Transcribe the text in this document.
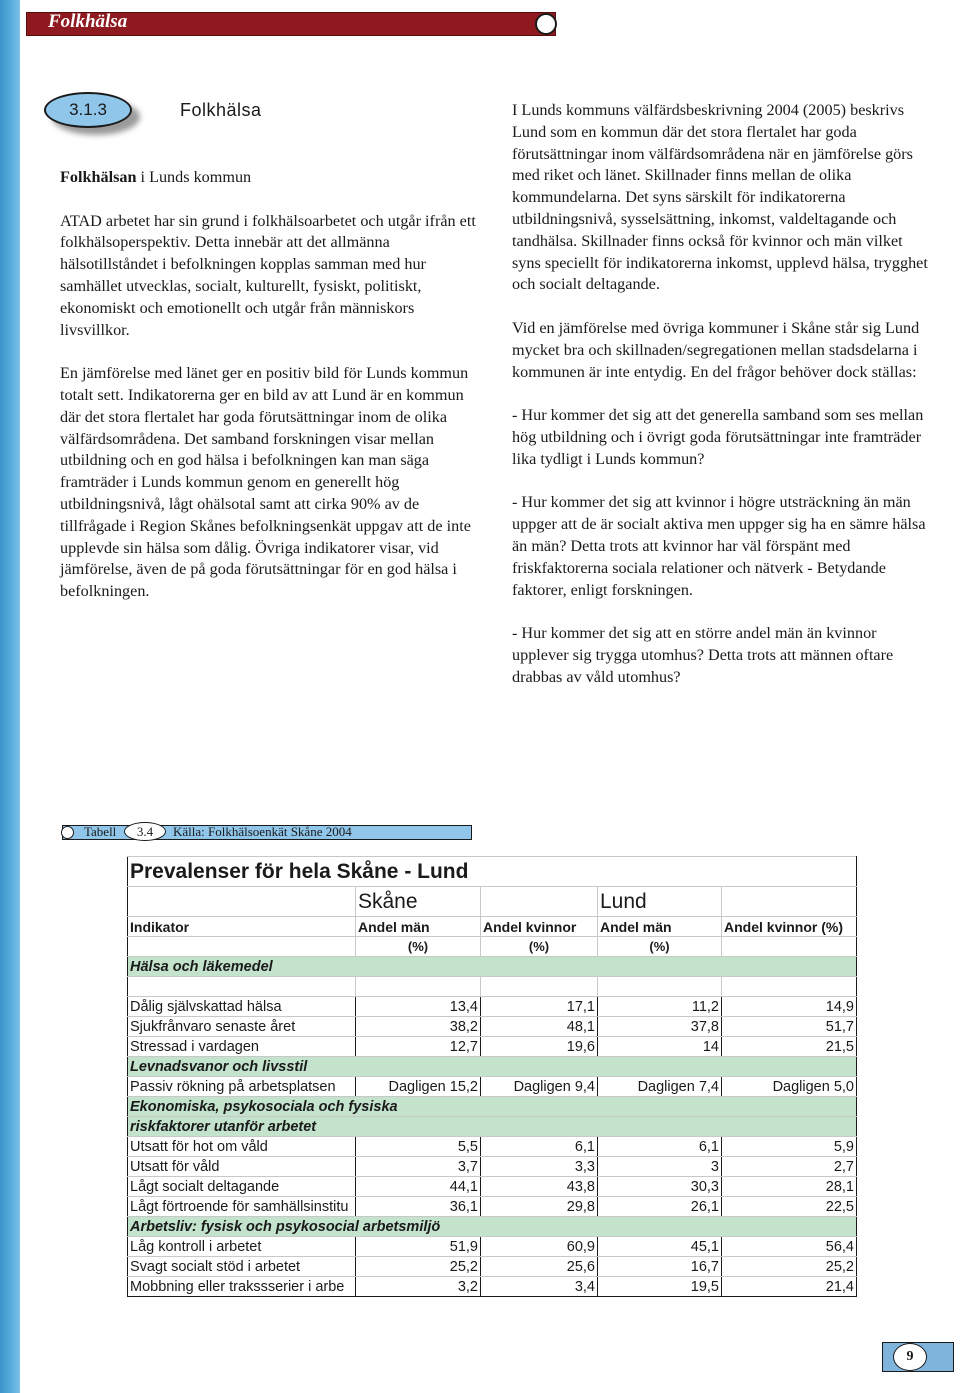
Folkhälsa
3.1.3	Folkhälsa

Folkhälsan i Lunds kommun

ATAD arbetet har sin grund i folkhälsoarbetet och utgår ifrån ett folkhälsoperspektiv. Detta innebär att det allmänna hälsotillståndet i befolkningen kopplas samman med hur samhället utvecklas, socialt, kulturellt, fysiskt, politiskt, ekonomiskt och emotionellt och utgår från människors livsvillkor.

En jämförelse med länet ger en positiv bild för Lunds kommun totalt sett. Indikatorerna ger en bild av att Lund är en kommun där det stora flertalet har goda förutsättningar inom de olika välfärdsområdena. Det samband forskningen visar mellan utbildning och en god hälsa i befolkningen kan man säga framträder i Lunds kommun genom en generellt hög utbildningsnivå, lågt ohälsotal samt att cirka 90% av de tillfrågade i Region Skånes befolkningsenkät uppgav att de inte upplevde sin hälsa som dålig. Övriga indikatorer visar, vid jämförelse, även de på goda förutsättningar för en god hälsa i befolkningen.

I Lunds kommuns välfärdsbeskrivning 2004 (2005) beskrivs Lund som en kommun där det stora flertalet har goda förutsättningar inom välfärdsområdena när en jämförelse görs med riket och länet. Skillnader finns mellan de olika kommundelarna. Det syns särskilt för indikatorerna utbildningsnivå, sysselsättning, inkomst, valdeltagande och tandhälsa. Skillnader finns också för kvinnor och män vilket syns speciellt för indikatorerna inkomst, upplevd hälsa, trygghet och socialt deltagande.

Vid en jämförelse med övriga kommuner i Skåne står sig Lund mycket bra och skillnaden/segregationen mellan stadsdelarna i kommunen är inte entydig. En del frågor behöver dock ställas:

- Hur kommer det sig att det generella samband som ses mellan hög utbildning och i övrigt goda förutsättningar inte framträder lika tydligt i Lunds kommun?

- Hur kommer det sig att kvinnor i högre utsträckning än män uppger att de är socialt aktiva men uppger sig ha en sämre hälsa än män? Detta trots att kvinnor har väl förspänt med friskfaktorerna sociala relationer och nätverk - Betydande faktorer, enligt forskningen.

- Hur kommer det sig att en större andel män än kvinnor upplever sig trygga utomhus? Detta trots att männen oftare drabbas av våld utomhus?

Tabell	3.4	Källa: Folkhälsoenkät Skåne 2004
Prevalenser för hela Skåne - Lund				
	Skåne		Lund	
Indikator	Andel män	Andel kvinnor	Andel män	Andel kvinnor (%)
	(%)	(%)	(%)	
Hälsa och läkemedel				

Dålig självskattad hälsa	13,4	17,1	11,2	14,9
Sjukfrånvaro senaste året	38,2	48,1	37,8	51,7
Stressad i vardagen	12,7	19,6	14	21,5
Levnadsvanor och livsstil				
Passiv rökning på arbetsplatsen	Dagligen 15,2	Dagligen 9,4	Dagligen 7,4	Dagligen 5,0
Ekonomiska, psykosociala och fysiska				
riskfaktorer utanför arbetet				
Utsatt för hot om våld	5,5	6,1	6,1	5,9
Utsatt för våld	3,7	3,3	3	2,7
Lågt socialt deltagande	44,1	43,8	30,3	28,1
Lågt förtroende för samhällsinstitu	36,1	29,8	26,1	22,5
Arbetsliv: fysisk och psykosocial arbetsmiljö				
Låg kontroll i arbetet	51,9	60,9	45,1	56,4
Svagt socialt stöd i arbetet	25,2	25,6	16,7	25,2
Mobbning eller trakssserier i arbe	3,2	3,4	19,5	21,4
9
